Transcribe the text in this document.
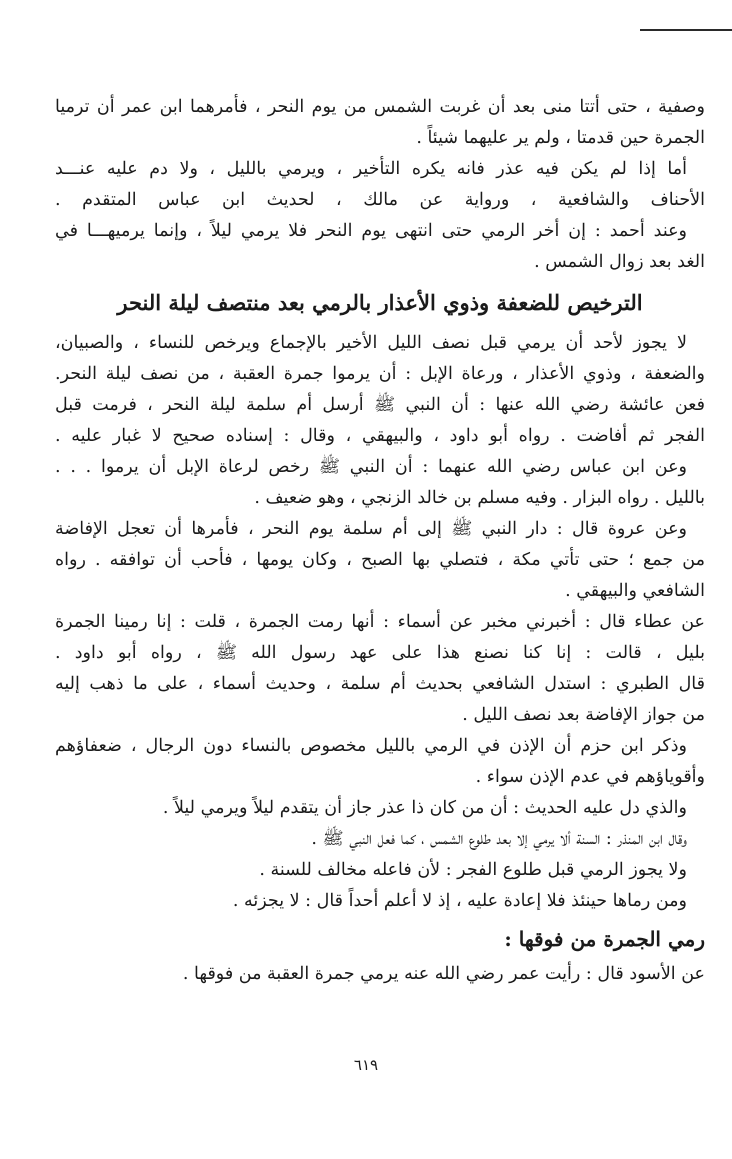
وصفية ، حتى أتتا منى بعد أن غربت الشمس من يوم النحر ، فأمرهما ابن عمر أن ترميا
الجمرة حين قدمتا ، ولم ير عليهما شيئاً .
أما إذا لم يكن فيه عذر فانه يكره التأخير ، ويرمي بالليل ، ولا دم عليه عنـــد
الأحناف والشافعية ، ورواية عن مالك ، لحديث ابن عباس المتقدم .
وعند أحمد : إن أخر الرمي حتى انتهى يوم النحر فلا يرمي ليلاً ، وإنما يرميهـــا في
الغد بعد زوال الشمس .
الترخيص للضعفة وذوي الأعذار بالرمي بعد منتصف ليلة النحر
لا يجوز لأحد أن يرمي قبل نصف الليل الأخير بالإجماع ويرخص للنساء ، والصبيان،
والضعفة ، وذوي الأعذار ، ورعاة الإبل : أن يرموا جمرة العقبة ، من نصف ليلة النحر.
فعن عائشة رضي الله عنها : أن النبي ﷺ أرسل أم سلمة ليلة النحر ، فرمت قبل
الفجر ثم أفاضت . رواه أبو داود ، والبيهقي ، وقال : إسناده صحيح لا غبار عليه .
وعن ابن عباس رضي الله عنهما : أن النبي ﷺ رخص لرعاة الإبل أن يرموا . . .
بالليل . رواه البزار . وفيه مسلم بن خالد الزنجي ، وهو ضعيف .
وعن عروة قال : دار النبي ﷺ إلى أم سلمة يوم النحر ، فأمرها أن تعجل الإفاضة
من جمع ؛ حتى تأتي مكة ، فتصلي بها الصبح ، وكان يومها ، فأحب أن توافقه . رواه
الشافعي والبيهقي .
عن عطاء قال : أخبرني مخبر عن أسماء : أنها رمت الجمرة ، قلت : إنا رمينا الجمرة
بليل ، قالت : إنا كنا نصنع هذا على عهد رسول الله ﷺ ، رواه أبو داود .
قال الطبري : استدل الشافعي بحديث أم سلمة ، وحديث أسماء ، على ما ذهب إليه
من جواز الإفاضة بعد نصف الليل .
وذكر ابن حزم أن الإذن في الرمي بالليل مخصوص بالنساء دون الرجال ، ضعفاؤهم
وأقوياؤهم في عدم الإذن سواء .
والذي دل عليه الحديث : أن من كان ذا عذر جاز أن يتقدم ليلاً ويرمي ليلاً .
وقال ابن المنذر : السنة ألا يرمي إلا بعد طلوع الشمس ، كما فعل النبي ﷺ .
ولا يجوز الرمي قبل طلوع الفجر : لأن فاعله مخالف للسنة .
ومن رماها حينئذ فلا إعادة عليه ، إذ لا أعلم أحداً قال : لا يجزئه .
رمي الجمرة من فوقها :
عن الأسود قال : رأيت عمر رضي الله عنه يرمي جمرة العقبة من فوقها .
٦١٩
